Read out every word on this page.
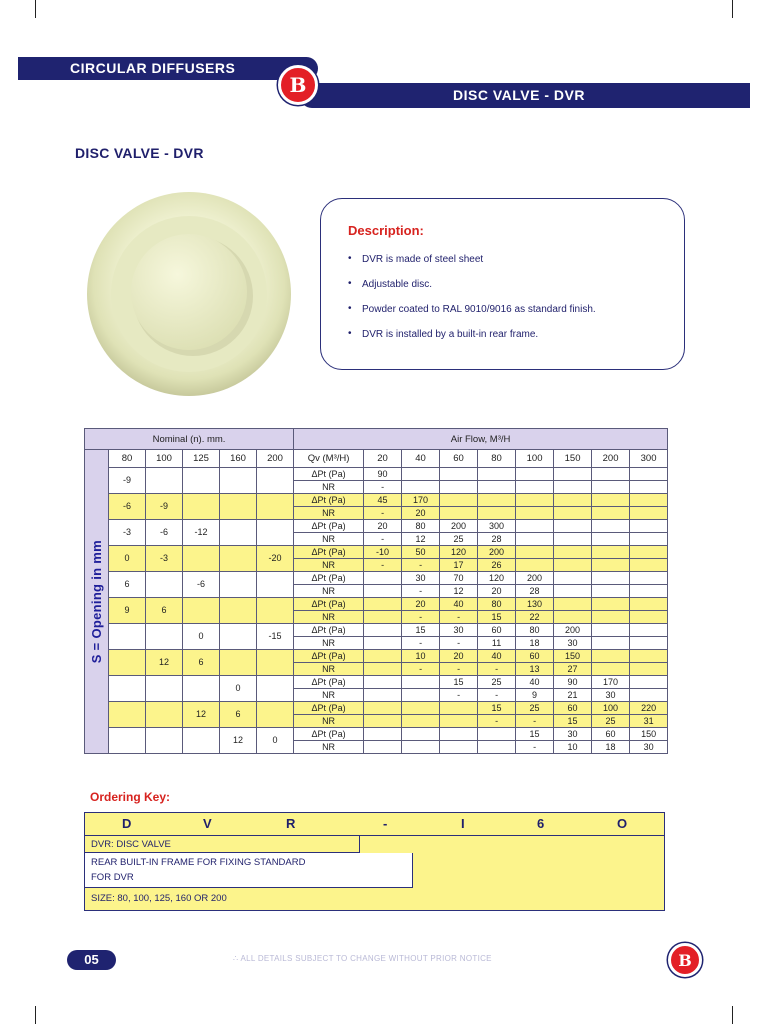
CIRCULAR DIFFUSERS
DISC VALVE - DVR
B
DISC VALVE - DVR
Description:
• DVR is made of steel sheet
• Adjustable disc.
• Powder coated to RAL 9010/9016 as standard finish.
• DVR is installed by a built-in rear frame.
Nominal (n). mm.						Air Flow, M³/H								

S = Opening in mm	80	100	125	160	200	Qv (M³/H)	20	40	60	80	100	150	200	300
	-9					ΔPt (Pa)	90							
						NR	-							
	-6	-9				ΔPt (Pa)	45	170						
						NR	-	20						
	-3	-6	-12			ΔPt (Pa)	20	80	200	300				
						NR	-	12	25	28				
	0	-3			-20	ΔPt (Pa)	-10	50	120	200				
						NR	-	-	17	26				
	6		-6			ΔPt (Pa)		30	70	120	200			
						NR		-	12	20	28			
	9	6				ΔPt (Pa)		20	40	80	130			
						NR		-	-	15	22			
			0		-15	ΔPt (Pa)		15	30	60	80	200		
						NR		-	-	11	18	30		
		12	6			ΔPt (Pa)		10	20	40	60	150		
						NR		-	-	-	13	27		
				0		ΔPt (Pa)			15	25	40	90	170	
						NR			-	-	9	21	30	
			12	6		ΔPt (Pa)				15	25	60	100	220
						NR				-	-	15	25	31
				12	0	ΔPt (Pa)					15	30	60	150
						NR					-	10	18	30
Ordering Key:
D	V	R	-	I	6	O
DVR: DISC VALVE
REAR BUILT-IN FRAME FOR FIXING STANDARD
FOR DVR
SIZE: 80, 100, 125, 160 OR 200
05	∴ ALL DETAILS SUBJECT TO CHANGE WITHOUT PRIOR NOTICE	B
